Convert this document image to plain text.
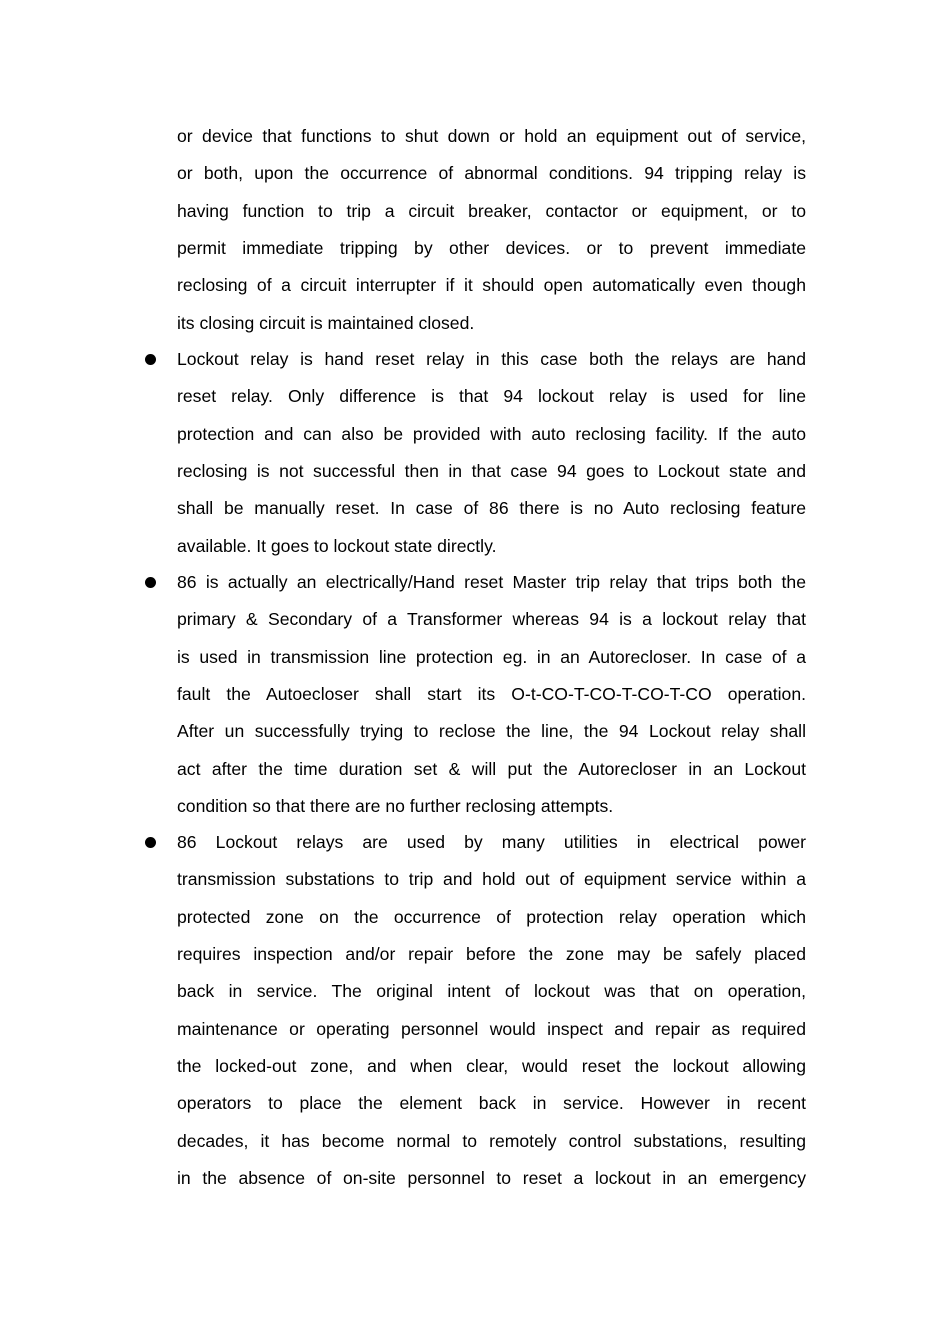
or device that functions to shut down or hold an equipment out of service,
or both, upon the occurrence of abnormal conditions. 94 tripping relay is
having function to trip a circuit breaker, contactor or equipment, or to
permit immediate tripping by other devices. or to prevent immediate
reclosing of a circuit interrupter if it should open automatically even though
its closing circuit is maintained closed.
Lockout relay is hand reset relay in this case both the relays are hand
reset relay. Only difference is that 94 lockout relay is used for line
protection and can also be provided with auto reclosing facility. If the auto
reclosing is not successful then in that case 94 goes to Lockout state and
shall be manually reset. In case of 86 there is no Auto reclosing feature
available. It goes to lockout state directly.
86 is actually an electrically/Hand reset Master trip relay that trips both the
primary & Secondary of a Transformer whereas 94 is a lockout relay that
is used in transmission line protection eg. in an Autorecloser. In case of a
fault the Autoecloser shall start its O-t-CO-T-CO-T-CO-T-CO operation.
After un successfully trying to reclose the line, the 94 Lockout relay shall
act after the time duration set & will put the Autorecloser in an Lockout
condition so that there are no further reclosing attempts.
86 Lockout relays are used by many utilities in electrical power
transmission substations to trip and hold out of equipment service within a
protected zone on the occurrence of protection relay operation which
requires inspection and/or repair before the zone may be safely placed
back in service. The original intent of lockout was that on operation,
maintenance or operating personnel would inspect and repair as required
the locked-out zone, and when clear, would reset the lockout allowing
operators to place the element back in service. However in recent
decades, it has become normal to remotely control substations, resulting
in the absence of on-site personnel to reset a lockout in an emergency
